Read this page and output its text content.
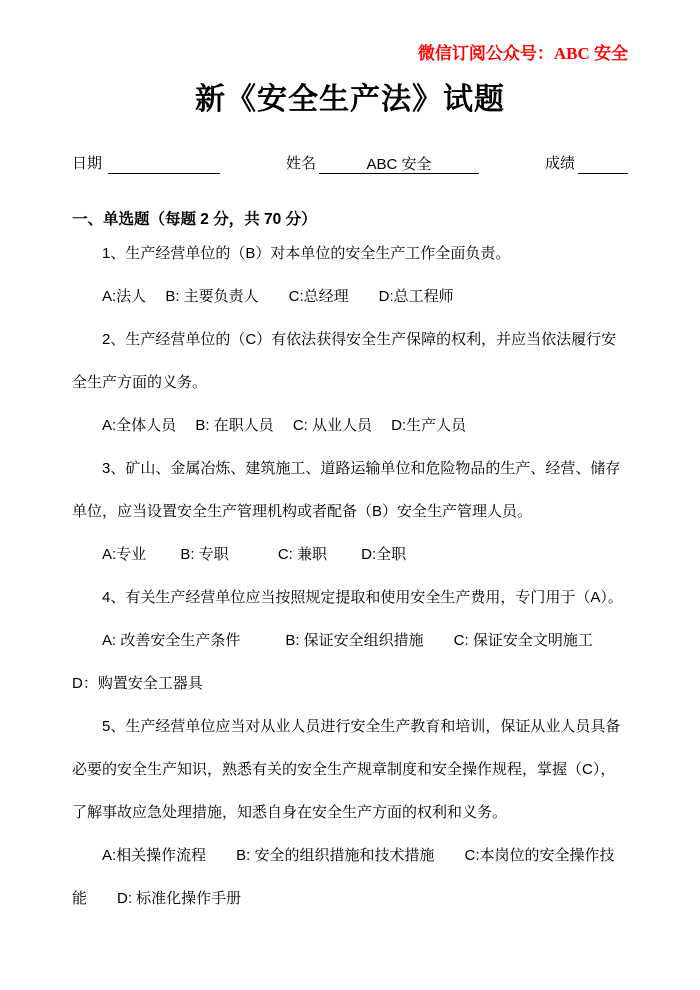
微信订阅公众号：ABC 安全
新《安全生产法》试题
日期	姓名	ABC 安全	成绩

一、单选题（每题 2 分，共 70 分）

1、生产经营单位的（B）对本单位的安全生产工作全面负责。

A:法人　 B: 主要负责人　　C:总经理　　D:总工程师

2、生产经营单位的（C）有依法获得安全生产保障的权利，并应当依法履行安全生产方面的义务。

A:全体人员　 B: 在职人员　 C: 从业人员　 D:生产人员

3、矿山、金属冶炼、建筑施工、道路运输单位和危险物品的生产、经营、储存单位，应当设置安全生产管理机构或者配备（B）安全生产管理人员。

A:专业　　 B: 专职　　　 C: 兼职　　 D:全职

4、有关生产经营单位应当按照规定提取和使用安全生产费用，专门用于（A）。

A: 改善安全生产条件　　　B: 保证安全组织措施　　C: 保证安全文明施工　D：购置安全工器具

5、生产经营单位应当对从业人员进行安全生产教育和培训，保证从业人员具备必要的安全生产知识，熟悉有关的安全生产规章制度和安全操作规程，掌握（C），了解事故应急处理措施，知悉自身在安全生产方面的权利和义务。

A:相关操作流程　　B: 安全的组织措施和技术措施　　C:本岗位的安全操作技能　　D: 标准化操作手册
